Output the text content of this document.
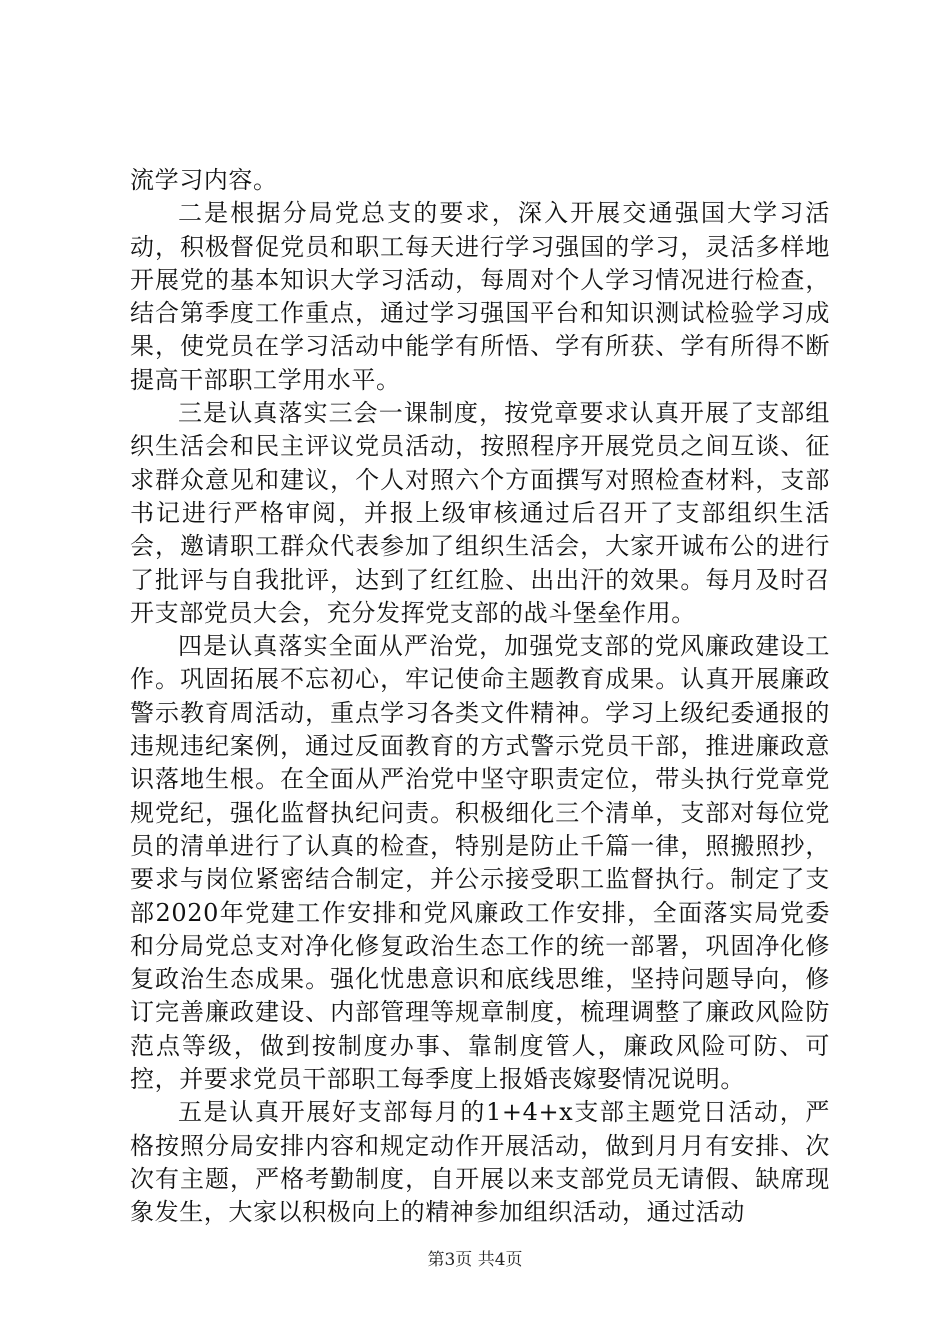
流学习内容。

二是根据分局党总支的要求，深入开展交通强国大学习活动，积极督促党员和职工每天进行学习强国的学习，灵活多样地开展党的基本知识大学习活动，每周对个人学习情况进行检查，结合第季度工作重点，通过学习强国平台和知识测试检验学习成果，使党员在学习活动中能学有所悟、学有所获、学有所得不断提高干部职工学用水平。

三是认真落实三会一课制度，按党章要求认真开展了支部组织生活会和民主评议党员活动，按照程序开展党员之间互谈、征求群众意见和建议，个人对照六个方面撰写对照检查材料，支部书记进行严格审阅，并报上级审核通过后召开了支部组织生活会，邀请职工群众代表参加了组织生活会，大家开诚布公的进行了批评与自我批评，达到了红红脸、出出汗的效果。每月及时召开支部党员大会，充分发挥党支部的战斗堡垒作用。

四是认真落实全面从严治党，加强党支部的党风廉政建设工作。巩固拓展不忘初心，牢记使命主题教育成果。认真开展廉政警示教育周活动，重点学习各类文件精神。学习上级纪委通报的违规违纪案例，通过反面教育的方式警示党员干部，推进廉政意识落地生根。在全面从严治党中坚守职责定位，带头执行党章党规党纪，强化监督执纪问责。积极细化三个清单，支部对每位党员的清单进行了认真的检查，特别是防止千篇一律，照搬照抄，要求与岗位紧密结合制定，并公示接受职工监督执行。制定了支部2020年党建工作安排和党风廉政工作安排，全面落实局党委和分局党总支对净化修复政治生态工作的统一部署，巩固净化修复政治生态成果。强化忧患意识和底线思维，坚持问题导向，修订完善廉政建设、内部管理等规章制度，梳理调整了廉政风险防范点等级，做到按制度办事、靠制度管人，廉政风险可防、可控，并要求党员干部职工每季度上报婚丧嫁娶情况说明。

五是认真开展好支部每月的1+4+x支部主题党日活动，严格按照分局安排内容和规定动作开展活动，做到月月有安排、次次有主题，严格考勤制度，自开展以来支部党员无请假、缺席现象发生，大家以积极向上的精神参加组织活动，通过活动

第3页 共4页
